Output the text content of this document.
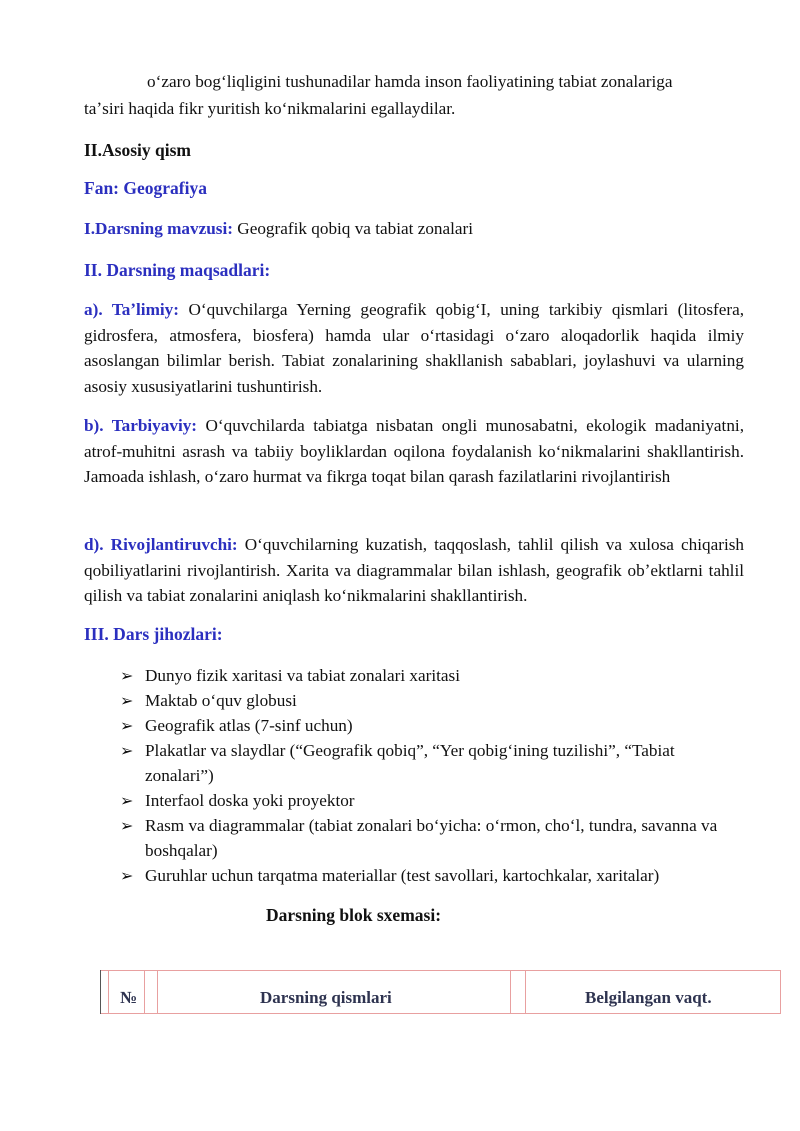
oʻzaro bogʻliqligini tushunadilar hamda inson faoliyatining tabiat zonalariga

taʼsiri haqida fikr yuritish koʻnikmalarini egallaydilar.

II.Asosiy qism

Fan: Geografiya

I.Darsning mavzusi: Geografik qobiq va tabiat zonalari

II. Darsning maqsadlari:

a). Taʼlimiy: Oʻquvchilarga Yerning geografik qobigʻI, uning tarkibiy qismlari (litosfera, gidrosfera, atmosfera, biosfera) hamda ular oʻrtasidagi oʻzaro aloqadorlik haqida ilmiy asoslangan bilimlar berish. Tabiat zonalarining shakllanish sabablari, joylashuvi va ularning asosiy xususiyatlarini tushuntirish.

b). Tarbiyaviy: Oʻquvchilarda tabiatga nisbatan ongli munosabatni, ekologik madaniyatni, atrof-muhitni asrash va tabiiy boyliklardan oqilona foydalanish koʻnikmalarini shakllantirish. Jamoada ishlash, oʻzaro hurmat va fikrga toqat bilan qarash fazilatlarini rivojlantirish

d). Rivojlantiruvchi: Oʻquvchilarning kuzatish, taqqoslash, tahlil qilish va xulosa chiqarish qobiliyatlarini rivojlantirish. Xarita va diagrammalar bilan ishlash, geografik obʼektlarni tahlil qilish va tabiat zonalarini aniqlash koʻnikmalarini shakllantirish.

III. Dars jihozlari:

➢ Dunyo fizik xaritasi va tabiat zonalari xaritasi
➢ Maktab oʻquv globusi
➢ Geografik atlas (7-sinf uchun)
➢ Plakatlar va slaydlar (“Geografik qobiq”, “Yer qobigʻining tuzilishi”, “Tabiat zonalari”)
➢ Interfaol doska yoki proyektor
➢ Rasm va diagrammalar (tabiat zonalari boʻyicha: oʻrmon, choʻl, tundra, savanna va boshqalar)
➢ Guruhlar uchun tarqatma materiallar (test savollari, kartochkalar, xaritalar)

Darsning blok sxemasi:

№	Darsning qismlari	Belgilangan vaqt.
